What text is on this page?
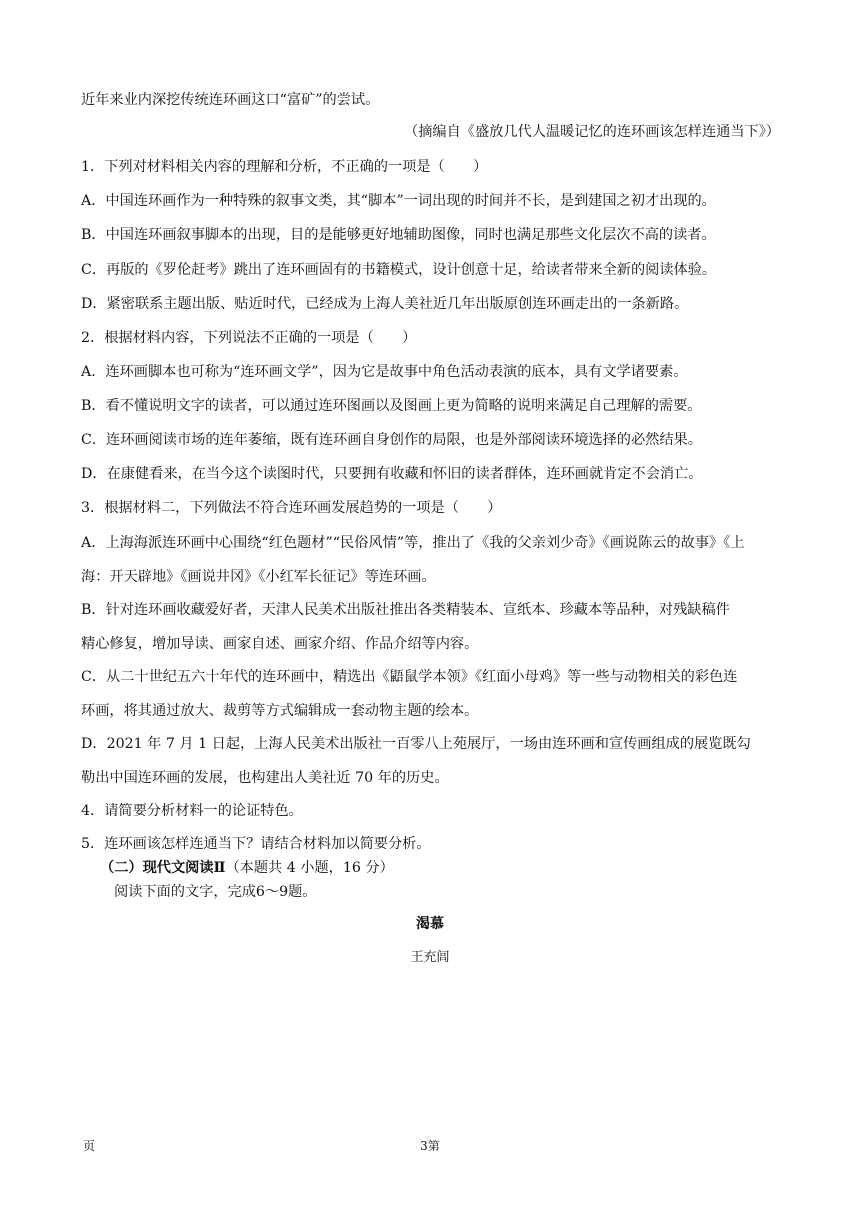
近年来业内深挖传统连环画这口“富矿”的尝试。
（摘编自《盛放几代人温暖记忆的连环画该怎样连通当下》）
1．下列对材料相关内容的理解和分析，不正确的一项是（　　）
A．中国连环画作为一种特殊的叙事文类，其“脚本”一词出现的时间并不长，是到建国之初才出现的。
B．中国连环画叙事脚本的出现，目的是能够更好地辅助图像，同时也满足那些文化层次不高的读者。
C．再版的《罗伦赶考》跳出了连环画固有的书籍模式，设计创意十足，给读者带来全新的阅读体验。
D．紧密联系主题出版、贴近时代，已经成为上海人美社近几年出版原创连环画走出的一条新路。
2．根据材料内容，下列说法不正确的一项是（　　）
A．连环画脚本也可称为“连环画文学”，因为它是故事中角色活动表演的底本，具有文学诸要素。
B．看不懂说明文字的读者，可以通过连环图画以及图画上更为简略的说明来满足自己理解的需要。
C．连环画阅读市场的连年萎缩，既有连环画自身创作的局限，也是外部阅读环境选择的必然结果。
D．在康健看来，在当今这个读图时代，只要拥有收藏和怀旧的读者群体，连环画就肯定不会消亡。
3．根据材料二，下列做法不符合连环画发展趋势的一项是（　　）
A．上海海派连环画中心围绕“红色题材”“民俗风情”等，推出了《我的父亲刘少奇》《画说陈云的故事》《上
海：开天辟地》《画说井冈》《小红军长征记》等连环画。
B．针对连环画收藏爱好者，天津人民美术出版社推出各类精装本、宣纸本、珍藏本等品种，对残缺稿件
精心修复，增加导读、画家自述、画家介绍、作品介绍等内容。
C．从二十世纪五六十年代的连环画中，精选出《鼯鼠学本领》《红面小母鸡》等一些与动物相关的彩色连
环画，将其通过放大、裁剪等方式编辑成一套动物主题的绘本。
D．2021 年 7 月 1 日起，上海人民美术出版社一百零八上苑展厅，一场由连环画和宣传画组成的展览既勾
勒出中国连环画的发展，也构建出人美社近 70 年的历史。
4．请简要分析材料一的论证特色。
5．连环画该怎样连通当下？请结合材料加以简要分析。
（二）现代文阅读Ⅱ（本题共 4 小题，16 分）
阅读下面的文字，完成6～9题。
渴慕
王充闾
页	3第
